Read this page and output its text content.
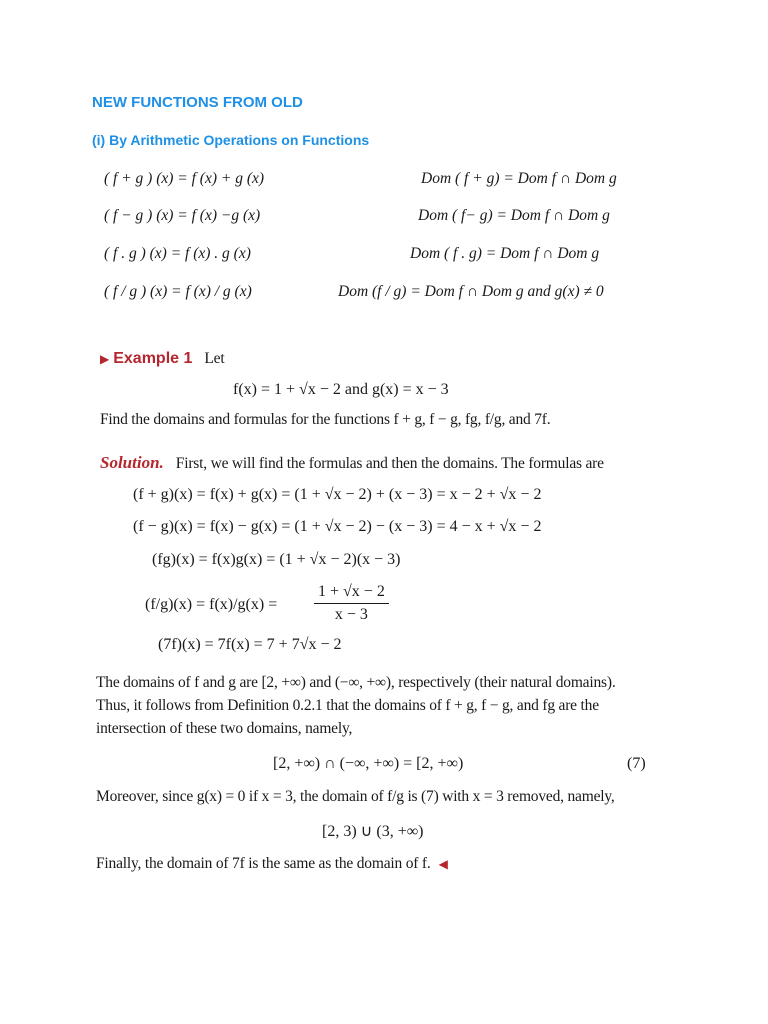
NEW FUNCTIONS FROM OLD
(i) By Arithmetic Operations on Functions
( f + g ) (x) = f (x) + g (x)	Dom ( f + g) = Dom f ∩ Dom g
( f − g ) (x) = f (x) −g (x)	Dom ( f− g) = Dom f ∩ Dom g
( f . g ) (x) = f (x) . g (x)	Dom ( f . g) = Dom f ∩ Dom g
( f / g ) (x) = f (x) / g (x)	Dom (f / g) = Dom f ∩ Dom g and g(x) ≠ 0
▶ Example 1 Let
f(x) = 1 + √x − 2 and g(x) = x − 3
Find the domains and formulas for the functions f + g, f − g, fg, f/g, and 7f.
Solution. First, we will find the formulas and then the domains. The formulas are
(f + g)(x) = f(x) + g(x) = (1 + √x − 2) + (x − 3) = x − 2 + √x − 2
(f − g)(x) = f(x) − g(x) = (1 + √x − 2) − (x − 3) = 4 − x + √x − 2
(fg)(x) = f(x)g(x) = (1 + √x − 2)(x − 3)
(f/g)(x) = f(x)/g(x) =
1 + √x − 2
x − 3
(7f)(x) = 7f(x) = 7 + 7√x − 2
The domains of f and g are [2, +∞) and (−∞, +∞), respectively (their natural domains).
Thus, it follows from Definition 0.2.1 that the domains of f + g, f − g, and fg are the
intersection of these two domains, namely,
[2, +∞) ∩ (−∞, +∞) = [2, +∞)	(7)
Moreover, since g(x) = 0 if x = 3, the domain of f/g is (7) with x = 3 removed, namely,
[2, 3) ∪ (3, +∞)
Finally, the domain of 7f is the same as the domain of f. ◀
